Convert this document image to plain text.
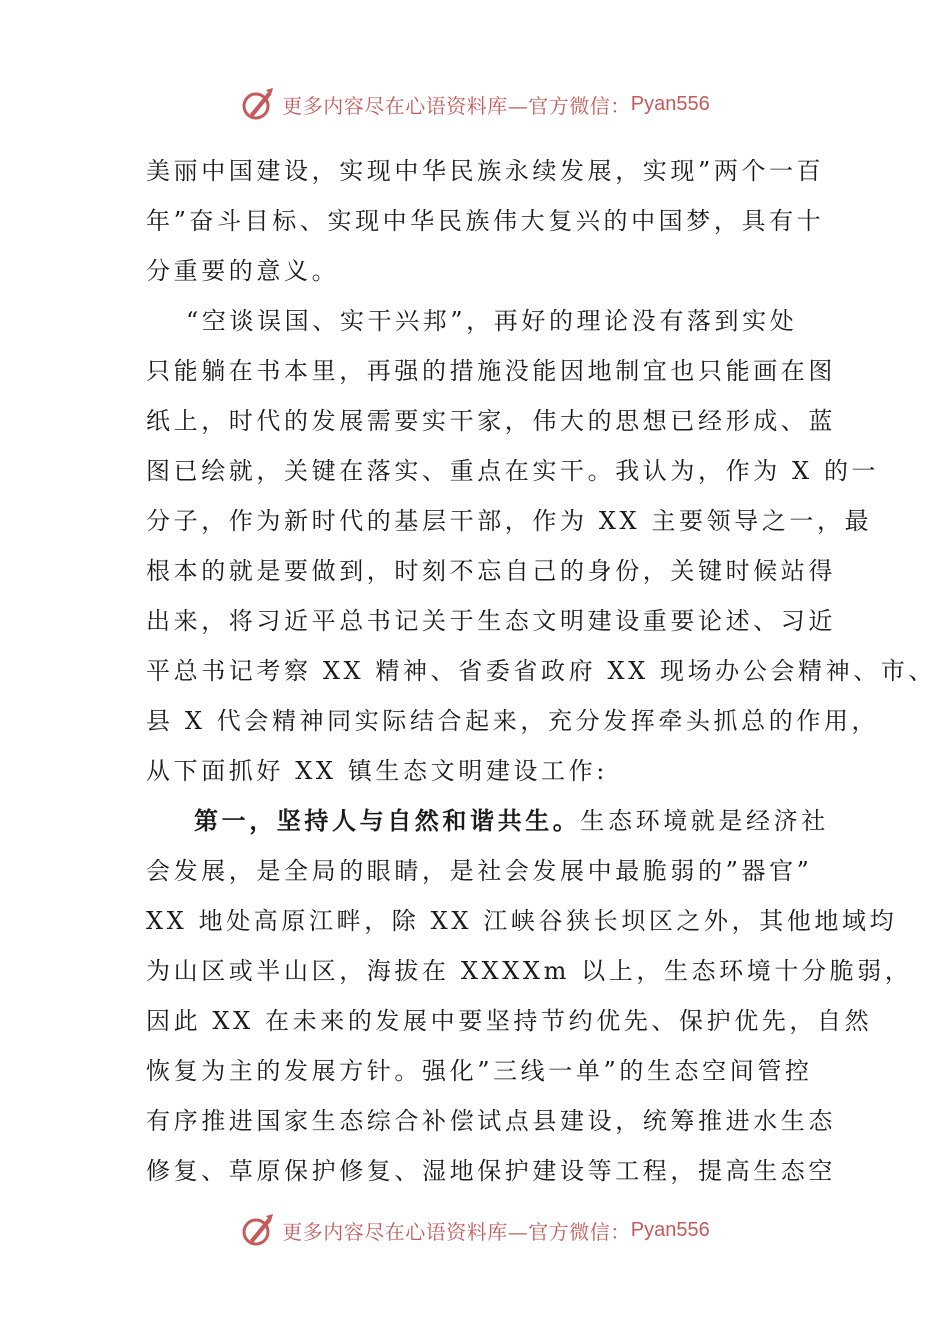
更多内容尽在心语资料库—官方微信： Pyan556
美丽中国建设，实现中华民族永续发展，实现”两个一百
年”奋斗目标、实现中华民族伟大复兴的中国梦，具有十
分重要的意义。
“空谈误国、实干兴邦”，再好的理论没有落到实处
只能躺在书本里，再强的措施没能因地制宜也只能画在图
纸上，时代的发展需要实干家，伟大的思想已经形成、蓝
图已绘就，关键在落实、重点在实干。我认为，作为 X 的一
分子，作为新时代的基层干部，作为 XX 主要领导之一，最
根本的就是要做到，时刻不忘自己的身份，关键时候站得
出来，将习近平总书记关于生态文明建设重要论述、习近
平总书记考察 XX 精神、省委省政府 XX 现场办公会精神、市、
县 X 代会精神同实际结合起来，充分发挥牵头抓总的作用，
从下面抓好 XX 镇生态文明建设工作:
第一，坚持人与自然和谐共生。生态环境就是经济社
会发展，是全局的眼睛，是社会发展中最脆弱的”器官”
XX 地处高原江畔，除 XX 江峡谷狭长坝区之外，其他地域均
为山区或半山区，海拔在 XXXXm 以上，生态环境十分脆弱，
因此 XX 在未来的发展中要坚持节约优先、保护优先，自然
恢复为主的发展方针。强化”三线一单”的生态空间管控
有序推进国家生态综合补偿试点县建设，统筹推进水生态
修复、草原保护修复、湿地保护建设等工程，提高生态空
更多内容尽在心语资料库—官方微信： Pyan556
